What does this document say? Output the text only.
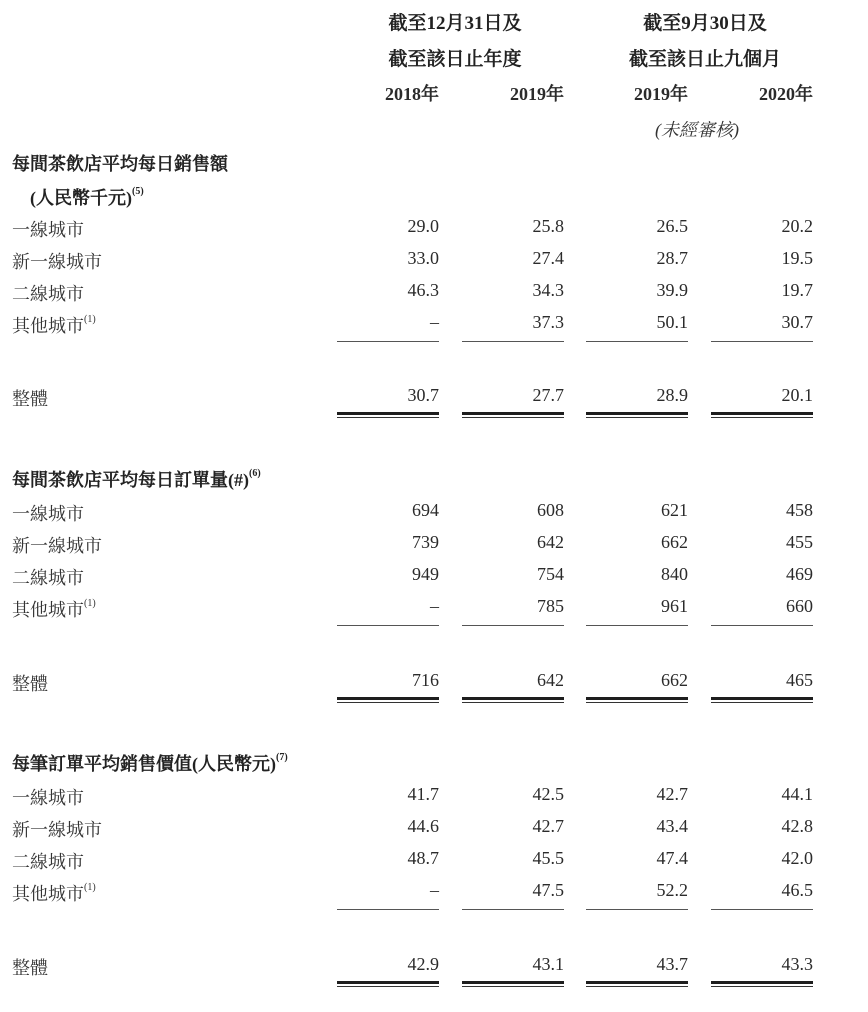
截至12月31日及
截至該日止年度
截至9月30日及
截至該日止九個月
2018年	2019年	2019年	2020年
(未經審核)
每間茶飲店平均每日銷售額
(人民幣千元)$^{(5)}$
一線城市	29.0	25.8	26.5	20.2
新一線城市	33.0	27.4	28.7	19.5
二線城市	46.3	34.3	39.9	19.7
其他城市$^{(1)}$	–	37.3	50.1	30.7
整體	30.7	27.7	28.9	20.1
每間茶飲店平均每日訂單量(#)$^{(6)}$
一線城市	694	608	621	458
新一線城市	739	642	662	455
二線城市	949	754	840	469
其他城市$^{(1)}$	–	785	961	660
整體	716	642	662	465
每筆訂單平均銷售價值(人民幣元)$^{(7)}$
一線城市	41.7	42.5	42.7	44.1
新一線城市	44.6	42.7	43.4	42.8
二線城市	48.7	45.5	47.4	42.0
其他城市$^{(1)}$	–	47.5	52.2	46.5
整體	42.9	43.1	43.7	43.3
